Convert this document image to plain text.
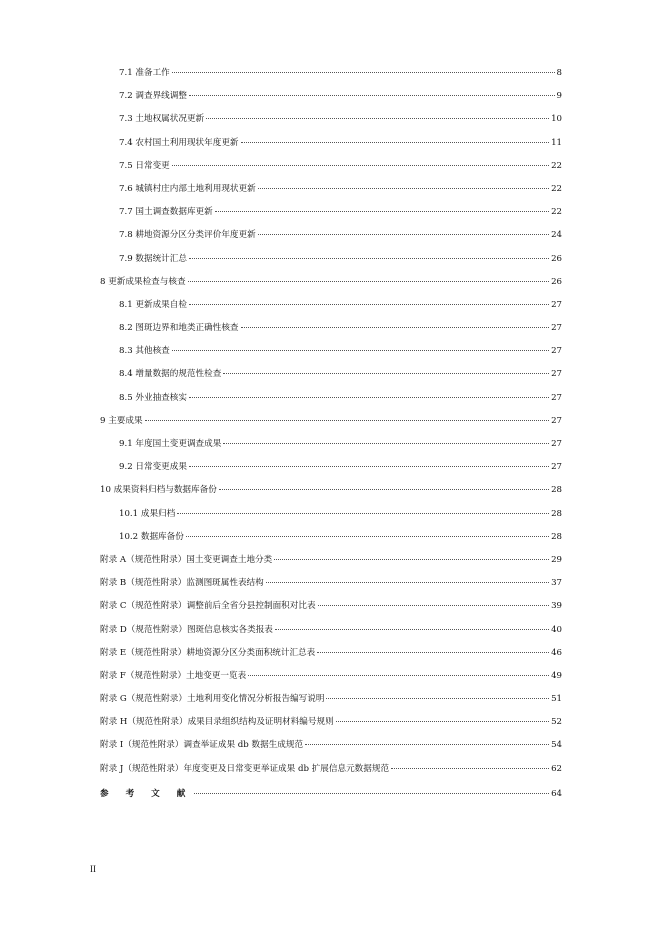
7.1 准备工作	8
7.2 调查界线调整	9
7.3 土地权属状况更新	10
7.4 农村国土利用现状年度更新	11
7.5 日常变更	22
7.6 城镇村庄内部土地利用现状更新	22
7.7 国土调查数据库更新	22
7.8 耕地资源分区分类评价年度更新	24
7.9 数据统计汇总	26
8 更新成果检查与核查	26
8.1 更新成果自检	27
8.2 图斑边界和地类正确性核查	27
8.3 其他核查	27
8.4 增量数据的规范性检查	27
8.5 外业抽查核实	27
9 主要成果	27
9.1 年度国土变更调查成果	27
9.2 日常变更成果	27
10 成果资料归档与数据库备份	28
10.1 成果归档	28
10.2 数据库备份	28
附录 A（规范性附录）国土变更调查土地分类	29
附录 B（规范性附录）监测图斑属性表结构	37
附录 C（规范性附录）调整前后全省分县控制面积对比表	39
附录 D（规范性附录）图斑信息核实各类报表	40
附录 E（规范性附录）耕地资源分区分类面积统计汇总表	46
附录 F（规范性附录）土地变更一览表	49
附录 G（规范性附录）土地利用变化情况分析报告编写说明	51
附录 H（规范性附录）成果目录组织结构及证明材料编号规则	52
附录 I（规范性附录）调查举证成果 db 数据生成规范	54
附录 J（规范性附录）年度变更及日常变更举证成果 db 扩展信息元数据规范	62
参 考 文 献	64
II
